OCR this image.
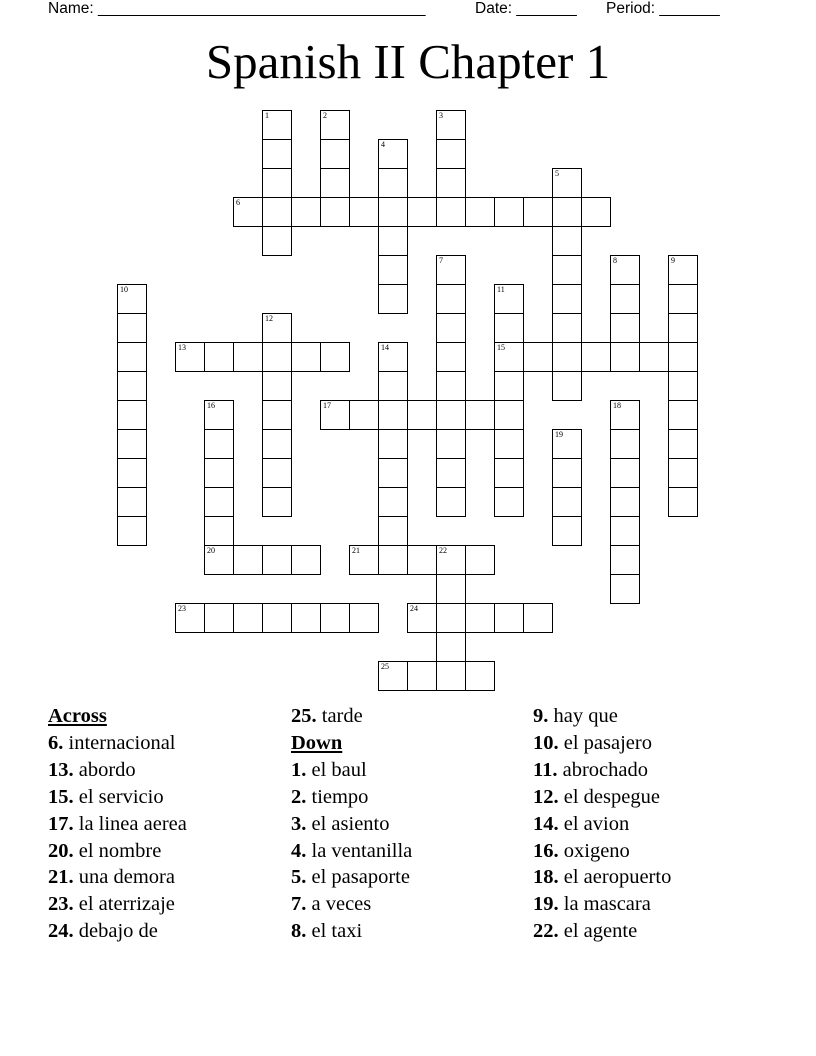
Name: ______________________________________	Date: _______ Period: _______
Spanish II Chapter 1
1	2	3
4
5
6
7	8	9
10	11
15
12
13	14
16
20
17	18
19
21	22
23	24
25
Across
6. internacional
13. abordo
15. el servicio
17. la linea aerea
20. el nombre
21. una demora
23. el aterrizaje
24. debajo de
25. tarde
Down
1. el baul
2. tiempo
3. el asiento
4. la ventanilla
5. el pasaporte
7. a veces
8. el taxi
9. hay que
10. el pasajero
11. abrochado
12. el despegue
14. el avion
16. oxigeno
18. el aeropuerto
19. la mascara
22. el agente
